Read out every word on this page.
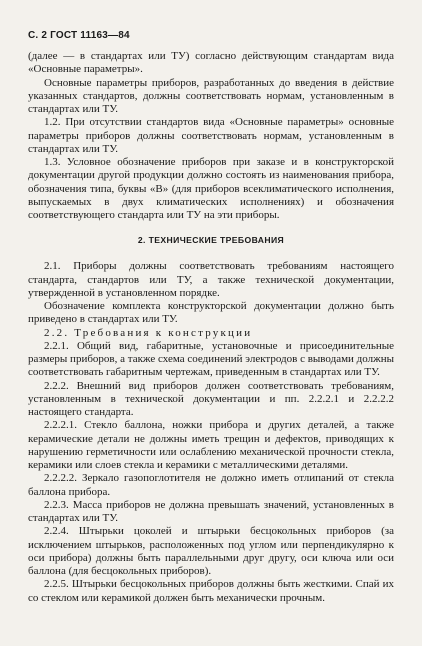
С. 2 ГОСТ 11163—84

(далее — в стандартах или ТУ) согласно действующим стандартам вида «Основные параметры».

Основные параметры приборов, разработанных до введения в действие указанных стандартов, должны соответствовать нормам, установленным в стандартах или ТУ.

1.2. При отсутствии стандартов вида «Основные параметры» основные параметры приборов должны соответствовать нормам, установленным в стандартах или ТУ.

1.3. Условное обозначение приборов при заказе и в конструкторской документации другой продукции должно состоять из наименования прибора, обозначения типа, буквы «В» (для приборов всеклиматического исполнения, выпускаемых в двух климатических исполнениях) и обозначения соответствующего стандарта или ТУ на эти приборы.

2. ТЕХНИЧЕСКИЕ ТРЕБОВАНИЯ

2.1. Приборы должны соответствовать требованиям настоящего стандарта, стандартов или ТУ, а также технической документации, утвержденной в установленном порядке.

Обозначение комплекта конструкторской документации должно быть приведено в стандартах или ТУ.

2.2. Требования к конструкции

2.2.1. Общий вид, габаритные, установочные и присоединительные размеры приборов, а также схема соединений электродов с выводами должны соответствовать габаритным чертежам, приведенным в стандартах или ТУ.

2.2.2. Внешний вид приборов должен соответствовать требованиям, установленным в технической документации и пп. 2.2.2.1 и 2.2.2.2 настоящего стандарта.

2.2.2.1. Стекло баллона, ножки прибора и других деталей, а также керамические детали не должны иметь трещин и дефектов, приводящих к нарушению герметичности или ослаблению механической прочности стекла, керамики или слоев стекла и керамики с металлическими деталями.

2.2.2.2. Зеркало газопоглотителя не должно иметь отлипаний от стекла баллона прибора.

2.2.3. Масса приборов не должна превышать значений, установленных в стандартах или ТУ.

2.2.4. Штырьки цоколей и штырьки бесцокольных приборов (за исключением штырьков, расположенных под углом или перпендикулярно к оси прибора) должны быть параллельными друг другу, оси ключа или оси баллона (для бесцокольных приборов).

2.2.5. Штырьки бесцокольных приборов должны быть жесткими. Спай их со стеклом или керамикой должен быть механически прочным.
